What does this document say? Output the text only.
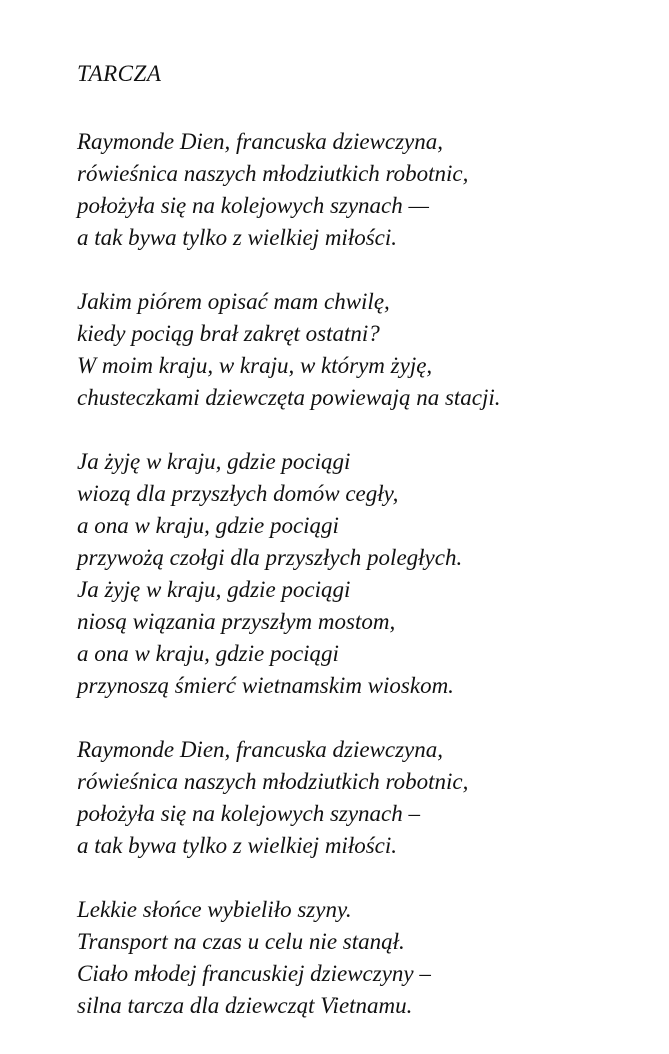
TARCZA
Raymonde Dien, francuska dziewczyna,
rówieśnica naszych młodziutkich robotnic,
położyła się na kolejowych szynach —
a tak bywa tylko z wielkiej miłości.
Jakim piórem opisać mam chwilę,
kiedy pociąg brał zakręt ostatni?
W moim kraju, w kraju, w którym żyję,
chusteczkami dziewczęta powiewają na stacji.
Ja żyję w kraju, gdzie pociągi
wiozą dla przyszłych domów cegły,
a ona w kraju, gdzie pociągi
przywożą czołgi dla przyszłych poległych.
Ja żyję w kraju, gdzie pociągi
niosą wiązania przyszłym mostom,
a ona w kraju, gdzie pociągi
przynoszą śmierć wietnamskim wioskom.
Raymonde Dien, francuska dziewczyna,
rówieśnica naszych młodziutkich robotnic,
położyła się na kolejowych szynach –
a tak bywa tylko z wielkiej miłości.
Lekkie słońce wybieliło szyny.
Transport na czas u celu nie stanął.
Ciało młodej francuskiej dziewczyny –
silna tarcza dla dziewcząt Vietnamu.
